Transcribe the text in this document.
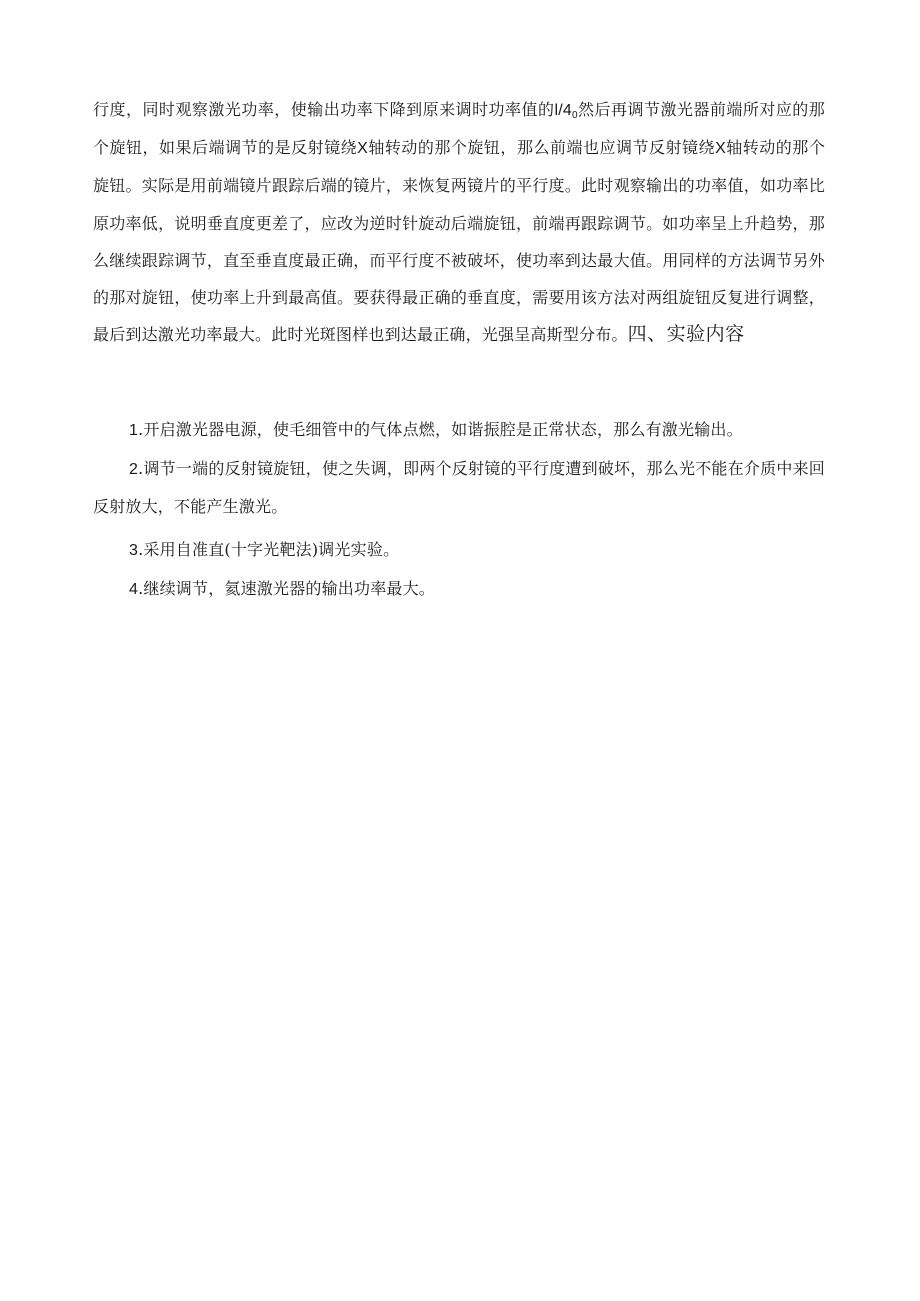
行度，同时观察激光功率，使输出功率下降到原来调时功率值的$l/4_0$然后再调节激光器前端所对应的那个旋钮，如果后端调节的是反射镜绕X轴转动的那个旋钮，那么前端也应调节反射镜绕X轴转动的那个旋钮。实际是用前端镜片跟踪后端的镜片，来恢复两镜片的平行度。此时观察输出的功率值，如功率比原功率低，说明垂直度更差了，应改为逆时针旋动后端旋钮，前端再跟踪调节。如功率呈上升趋势，那么继续跟踪调节，直至垂直度最正确，而平行度不被破坏，使功率到达最大值。用同样的方法调节另外的那对旋钮，使功率上升到最高值。要获得最正确的垂直度，需要用该方法对两组旋钮反复进行调整，最后到达激光功率最大。此时光斑图样也到达最正确，光强呈高斯型分布。四、实验内容

1.开启激光器电源，使毛细管中的气体点燃，如谐振腔是正常状态，那么有激光输出。

2.调节一端的反射镜旋钮，使之失调，即两个反射镜的平行度遭到破坏，那么光不能在介质中来回反射放大，不能产生激光。

3.采用自准直(十字光靶法)调光实验。

4.继续调节，氦速激光器的输出功率最大。
